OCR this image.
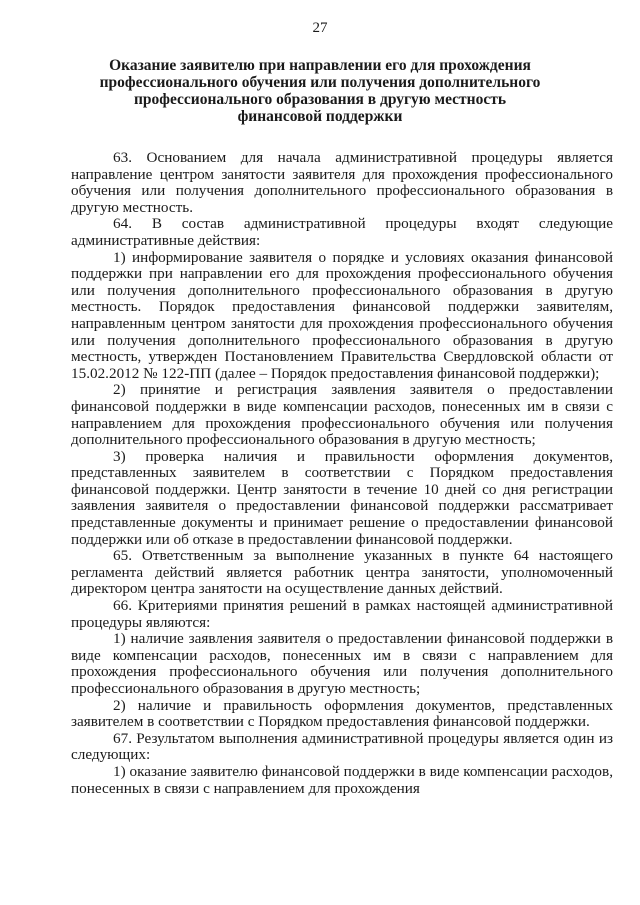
27
Оказание заявителю при направлении его для прохождения
профессионального обучения или получения дополнительного
профессионального образования в другую местность
финансовой поддержки

63. Основанием для начала административной процедуры является направление центром занятости заявителя для прохождения профессионального обучения или получения дополнительного профессионального образования в другую местность.

64. В состав административной процедуры входят следующие административные действия:

1) информирование заявителя о порядке и условиях оказания финансовой поддержки при направлении его для прохождения профессионального обучения или получения дополнительного профессионального образования в другую местность. Порядок предоставления финансовой поддержки заявителям, направленным центром занятости для прохождения профессионального обучения или получения дополнительного профессионального образования в другую местность, утвержден Постановлением Правительства Свердловской области от 15.02.2012 № 122-ПП (далее – Порядок предоставления финансовой поддержки);

2) принятие и регистрация заявления заявителя о предоставлении финансовой поддержки в виде компенсации расходов, понесенных им в связи с направлением для прохождения профессионального обучения или получения дополнительного профессионального образования в другую местность;

3) проверка наличия и правильности оформления документов, представленных заявителем в соответствии с Порядком предоставления финансовой поддержки. Центр занятости в течение 10 дней со дня регистрации заявления заявителя о предоставлении финансовой поддержки рассматривает представленные документы и принимает решение о предоставлении финансовой поддержки или об отказе в предоставлении финансовой поддержки.

65. Ответственным за выполнение указанных в пункте 64 настоящего регламента действий является работник центра занятости, уполномоченный директором центра занятости на осуществление данных действий.

66. Критериями принятия решений в рамках настоящей административной процедуры являются:

1) наличие заявления заявителя о предоставлении финансовой поддержки в виде компенсации расходов, понесенных им в связи с направлением для прохождения профессионального обучения или получения дополнительного профессионального образования в другую местность;

2) наличие и правильность оформления документов, представленных заявителем в соответствии с Порядком предоставления финансовой поддержки.

67. Результатом выполнения административной процедуры является один из следующих:

1) оказание заявителю финансовой поддержки в виде компенсации расходов, понесенных в связи с направлением для прохождения
